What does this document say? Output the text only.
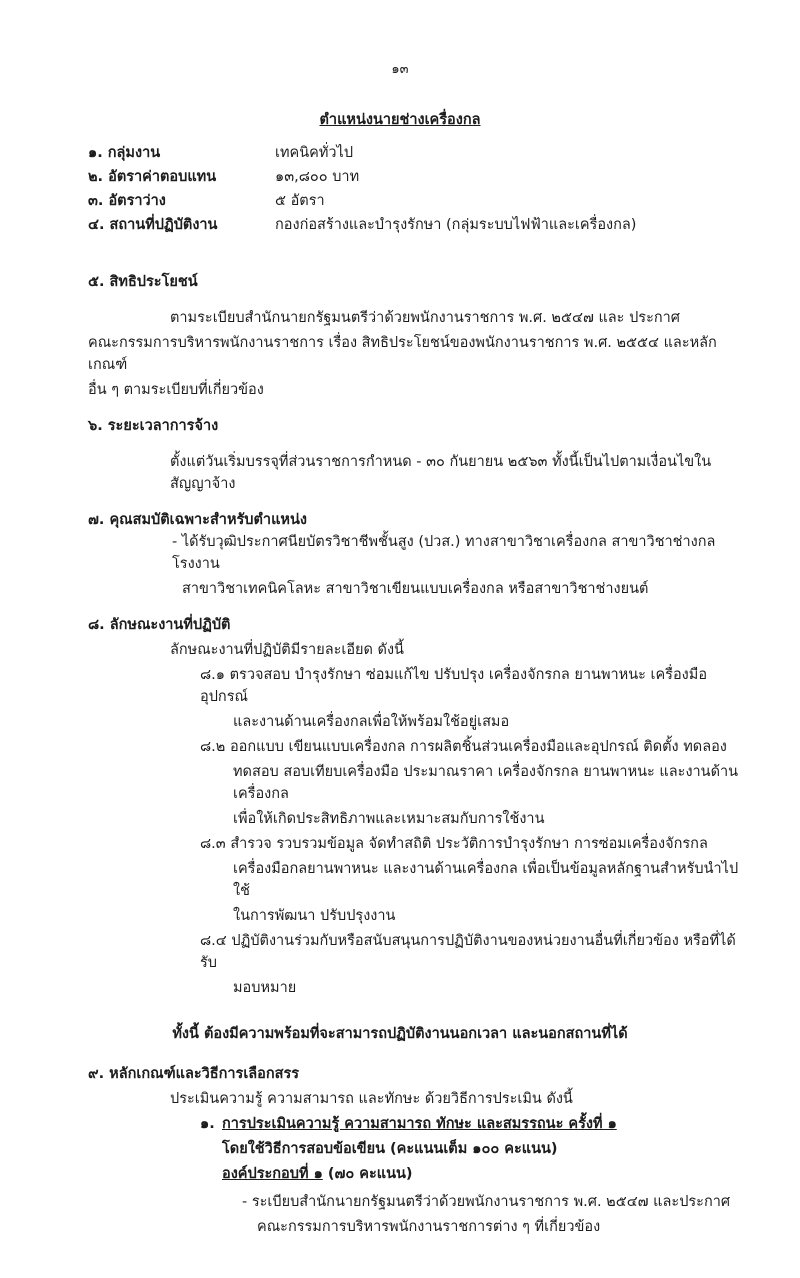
๑๓
ตำแหน่งนายช่างเครื่องกล
๑. กลุ่มงาน	เทคนิคทั่วไป
๒. อัตราค่าตอบแทน	๑๓,๘๐๐ บาท
๓. อัตราว่าง	๕ อัตรา
๔. สถานที่ปฏิบัติงาน	กองก่อสร้างและบำรุงรักษา (กลุ่มระบบไฟฟ้าและเครื่องกล)
๕. สิทธิประโยชน์
ตามระเบียบสำนักนายกรัฐมนตรีว่าด้วยพนักงานราชการ พ.ศ. ๒๕๔๗ และ ประกาศ
คณะกรรมการบริหารพนักงานราชการ เรื่อง สิทธิประโยชน์ของพนักงานราชการ พ.ศ. ๒๕๕๔ และหลักเกณฑ์
อื่น ๆ ตามระเบียบที่เกี่ยวข้อง
๖. ระยะเวลาการจ้าง
ตั้งแต่วันเริ่มบรรจุที่ส่วนราชการกำหนด - ๓๐ กันยายน ๒๕๖๓ ทั้งนี้เป็นไปตามเงื่อนไขในสัญญาจ้าง
๗. คุณสมบัติเฉพาะสำหรับตำแหน่ง
- ได้รับวุฒิประกาศนียบัตรวิชาชีพชั้นสูง (ปวส.) ทางสาขาวิชาเครื่องกล สาขาวิชาช่างกลโรงงาน
สาขาวิชาเทคนิคโลหะ สาขาวิชาเขียนแบบเครื่องกล หรือสาขาวิชาช่างยนต์
๘. ลักษณะงานที่ปฏิบัติ
ลักษณะงานที่ปฏิบัติมีรายละเอียด ดังนี้
๘.๑ ตรวจสอบ บำรุงรักษา ซ่อมแก้ไข ปรับปรุง เครื่องจักรกล ยานพาหนะ เครื่องมือ อุปกรณ์
และงานด้านเครื่องกลเพื่อให้พร้อมใช้อยู่เสมอ
๘.๒ ออกแบบ เขียนแบบเครื่องกล การผลิตชิ้นส่วนเครื่องมือและอุปกรณ์ ติดตั้ง ทดลอง
ทดสอบ สอบเทียบเครื่องมือ ประมาณราคา เครื่องจักรกล ยานพาหนะ และงานด้านเครื่องกล
เพื่อให้เกิดประสิทธิภาพและเหมาะสมกับการใช้งาน
๘.๓ สำรวจ รวบรวมข้อมูล จัดทำสถิติ ประวัติการบำรุงรักษา การซ่อมเครื่องจักรกล
เครื่องมือกลยานพาหนะ และงานด้านเครื่องกล เพื่อเป็นข้อมูลหลักฐานสำหรับนำไปใช้
ในการพัฒนา ปรับปรุงงาน
๘.๔ ปฏิบัติงานร่วมกับหรือสนับสนุนการปฏิบัติงานของหน่วยงานอื่นที่เกี่ยวข้อง หรือที่ได้รับ
มอบหมาย
ทั้งนี้ ต้องมีความพร้อมที่จะสามารถปฏิบัติงานนอกเวลา และนอกสถานที่ได้
๙. หลักเกณฑ์และวิธีการเลือกสรร
ประเมินความรู้ ความสามารถ และทักษะ ด้วยวิธีการประเมิน ดังนี้
๑. การประเมินความรู้ ความสามารถ ทักษะ และสมรรถนะ ครั้งที่ ๑
โดยใช้วิธีการสอบข้อเขียน (คะแนนเต็ม ๑๐๐ คะแนน)
องค์ประกอบที่ ๑ (๗๐ คะแนน)
- ระเบียบสำนักนายกรัฐมนตรีว่าด้วยพนักงานราชการ พ.ศ. ๒๕๔๗ และประกาศ
คณะกรรมการบริหารพนักงานราชการต่าง ๆ ที่เกี่ยวข้อง
